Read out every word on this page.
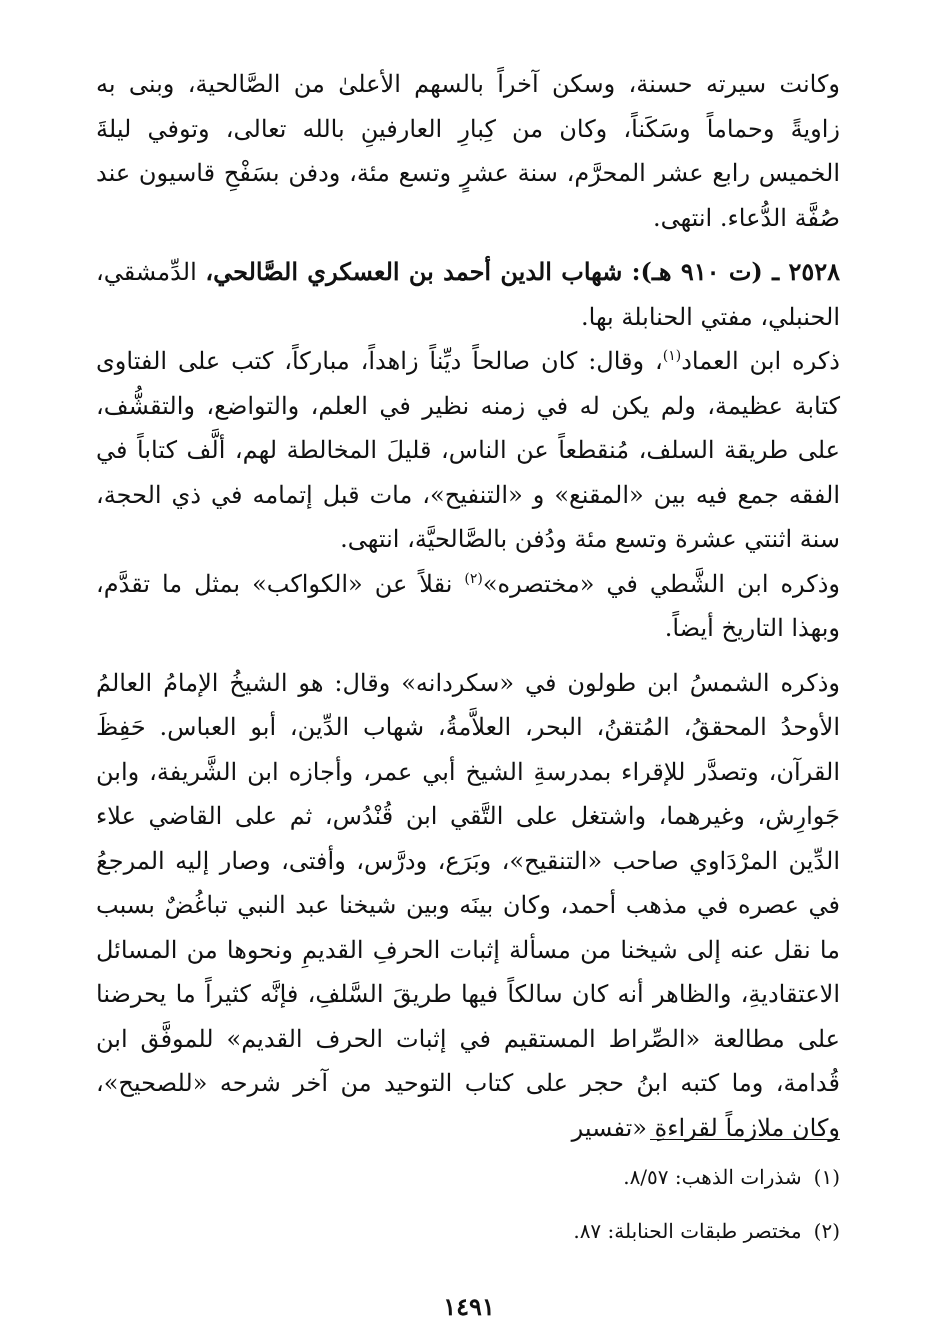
وكانت سيرته حسنة، وسكن آخراً بالسهم الأعلىٰ من الصَّالحية، وبنى به زاويةً وحماماً وسَكَناً، وكان من كِبارِ العارفينِ بالله تعالى، وتوفي ليلةَ الخميس رابع عشر المحرَّم، سنة عشرٍ وتسع مئة، ودفن بسَفْحِ قاسيون عند صُفَّة الدُّعاء. انتهى.

٢٥٢٨ ـ (ت ٩١٠ هـ): شهاب الدين أحمد بن العسكري الصَّالحي، الدِّمشقي، الحنبلي، مفتي الحنابلة بها.

ذكره ابن العماد$^{(١)}$، وقال: كان صالحاً ديِّناً زاهداً، مباركاً، كتب على الفتاوى كتابة عظيمة، ولم يكن له في زمنه نظير في العلم، والتواضع، والتقشُّف، على طريقة السلف، مُنقطعاً عن الناس، قليلَ المخالطة لهم، ألَّف كتاباً في الفقه جمع فيه بين «المقنع» و «التنفيح»، مات قبل إتمامه في ذي الحجة، سنة اثنتي عشرة وتسع مئة ودُفن بالصَّالحيَّة، انتهى.

وذكره ابن الشَّطي في «مختصره»$^{(٢)}$ نقلاً عن «الكواكب» بمثل ما تقدَّم، وبهذا التاريخ أيضاً.

وذكره الشمسُ ابن طولون في «سكردانه» وقال: هو الشيخُ الإمامُ العالمُ الأوحدُ المحققُ، المُتقنُ، البحر، العلاَّمةُ، شهاب الدِّين، أبو العباس. حَفِظَ القرآن، وتصدَّر للإقراء بمدرسةِ الشيخ أبي عمر، وأجازه ابن الشَّريفة، وابن جَوارِش، وغيرهما، واشتغل على التَّقي ابن قُنْدُس، ثم على القاضي علاء الدِّين المرْدَاوي صاحب «التنقيح»، وبَرَع، ودرَّس، وأفتى، وصار إليه المرجعُ في عصره في مذهب أحمد، وكان بينَه وبين شيخنا عبد النبي تباغُضٌ بسبب ما نقل عنه إلى شيخنا من مسألة إثبات الحرفِ القديمِ ونحوها من المسائل الاعتقاديةِ، والظاهر أنه كان سالكاً فيها طريقَ السَّلفِ، فإنَّه كثيراً ما يحرضنا على مطالعة «الصِّراط المستقيم في إثبات الحرف القديم» للموفَّق ابن قُدامة، وما كتبه ابنُ حجر على كتاب التوحيد من آخر شرحه «للصحيح»، وكان ملازماً لقراءةِ «تفسير

(١)شذرات الذهب: ٨/٥٧.

(٢)مختصر طبقات الحنابلة: ٨٧.

١٤٩١
